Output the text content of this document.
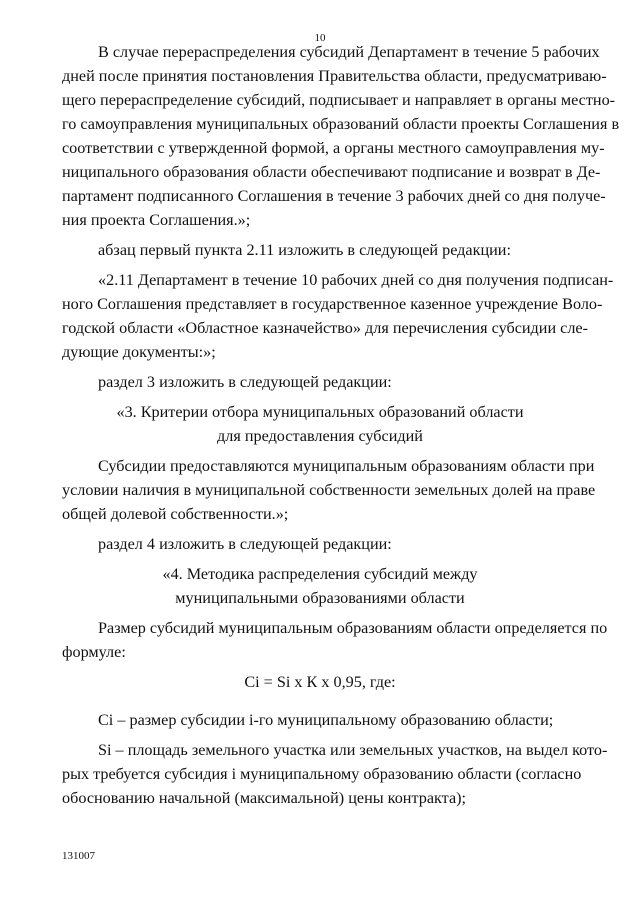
10
В случае перераспределения субсидий Департамент в течение 5 рабочих
дней после принятия постановления Правительства области, предусматриваю-
щего перераспределение субсидий, подписывает и направляет в органы местно-
го самоуправления муниципальных образований области проекты Соглашения в
соответствии с утвержденной формой, а органы местного самоуправления му-
ниципального образования области обеспечивают подписание и возврат в Де-
партамент подписанного Соглашения в течение 3 рабочих дней со дня получе-
ния проекта Соглашения.»;

абзац первый пункта 2.11 изложить в следующей редакции:

«2.11 Департамент в течение 10 рабочих дней со дня получения подписан-
ного Соглашения представляет в государственное казенное учреждение Воло-
годской области «Областное казначейство» для перечисления субсидии сле-
дующие документы:»;

раздел 3 изложить в следующей редакции:

«3. Критерии отбора муниципальных образований области
для предоставления субсидий
Субсидии предоставляются муниципальным образованиям области при
условии наличия в муниципальной собственности земельных долей на праве
общей долевой собственности.»;

раздел 4 изложить в следующей редакции:

«4. Методика распределения субсидий между
муниципальными образованиями области
Размер субсидий муниципальным образованиям области определяется по
формуле:

Ci = Si х К х 0,95, где:

Ci – размер субсидии i-го муниципальному образованию области;

Si – площадь земельного участка или земельных участков, на выдел кото-
рых требуется субсидия i муниципальному образованию области (согласно
обоснованию начальной (максимальной) цены контракта);
131007
